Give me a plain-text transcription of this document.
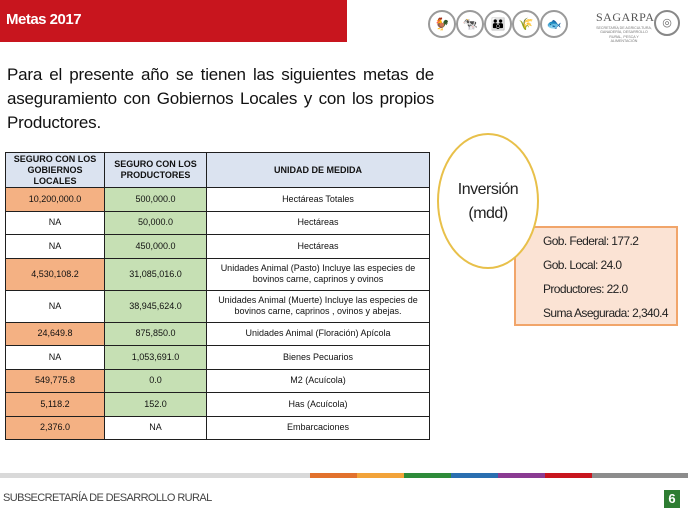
Metas 2017	🐓	🐄	👪	🌾	🐟	SAGARPA
SECRETARÍA DE AGRICULTURA, GANADERÍA, DESARROLLO RURAL, PESCA Y ALIMENTACIÓN
◎
Para el presente año se tienen las siguientes metas de aseguramiento con Gobiernos Locales y con los propios Productores.
SEGURO CON LOS GOBIERNOS LOCALES	SEGURO CON LOS PRODUCTORES	UNIDAD DE MEDIDA
10,200,000.0	500,000.0	Hectáreas Totales
NA	50,000.0	Hectáreas
NA	450,000.0	Hectáreas
4,530,108.2	31,085,016.0	Unidades Animal (Pasto) Incluye las especies de bovinos carne, caprinos y ovinos
NA	38,945,624.0	Unidades Animal (Muerte) Incluye las especies de bovinos carne, caprinos , ovinos y abejas.
24,649.8	875,850.0	Unidades Animal (Floración) Apícola
NA	1,053,691.0	Bienes Pecuarios
549,775.8	0.0	M2 (Acuícola)
5,118.2	152.0	Has (Acuícola)
2,376.0	NA	Embarcaciones
Gob. Federal: 177.2
Gob. Local: 24.0
Productores: 22.0
Suma Asegurada: 2,340.4
Inversión
(mdd)
SUBSECRETARÍA DE DESARROLLO RURAL	6
